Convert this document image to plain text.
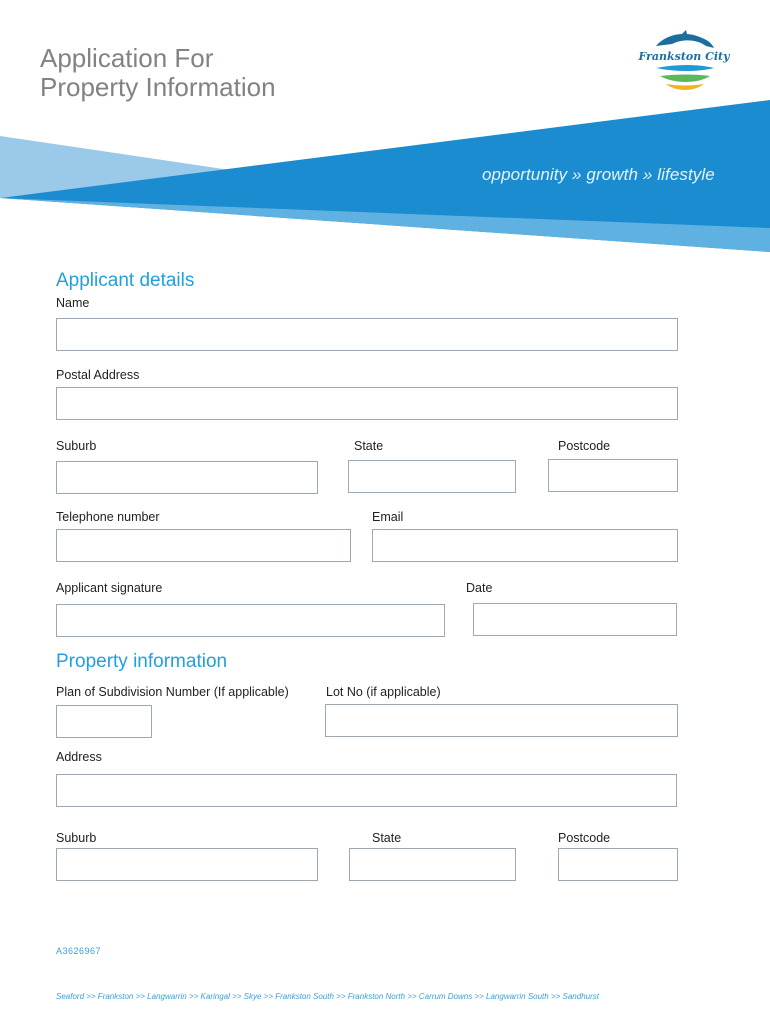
Application For
Property Information
Frankston City
opportunity » growth » lifestyle
Applicant details
Name
Postal Address
Suburb	State	Postcode
Telephone number	Email
Applicant signature	Date
Property information
Plan of Subdivision Number (If applicable)	Lot No (if applicable)
Address
Suburb	State	Postcode
A3626967
Seaford >> Frankston >> Langwarrin >> Karingal >> Skye >> Frankston South >> Frankston North >> Carrum Downs >> Langwarrin South >> Sandhurst
